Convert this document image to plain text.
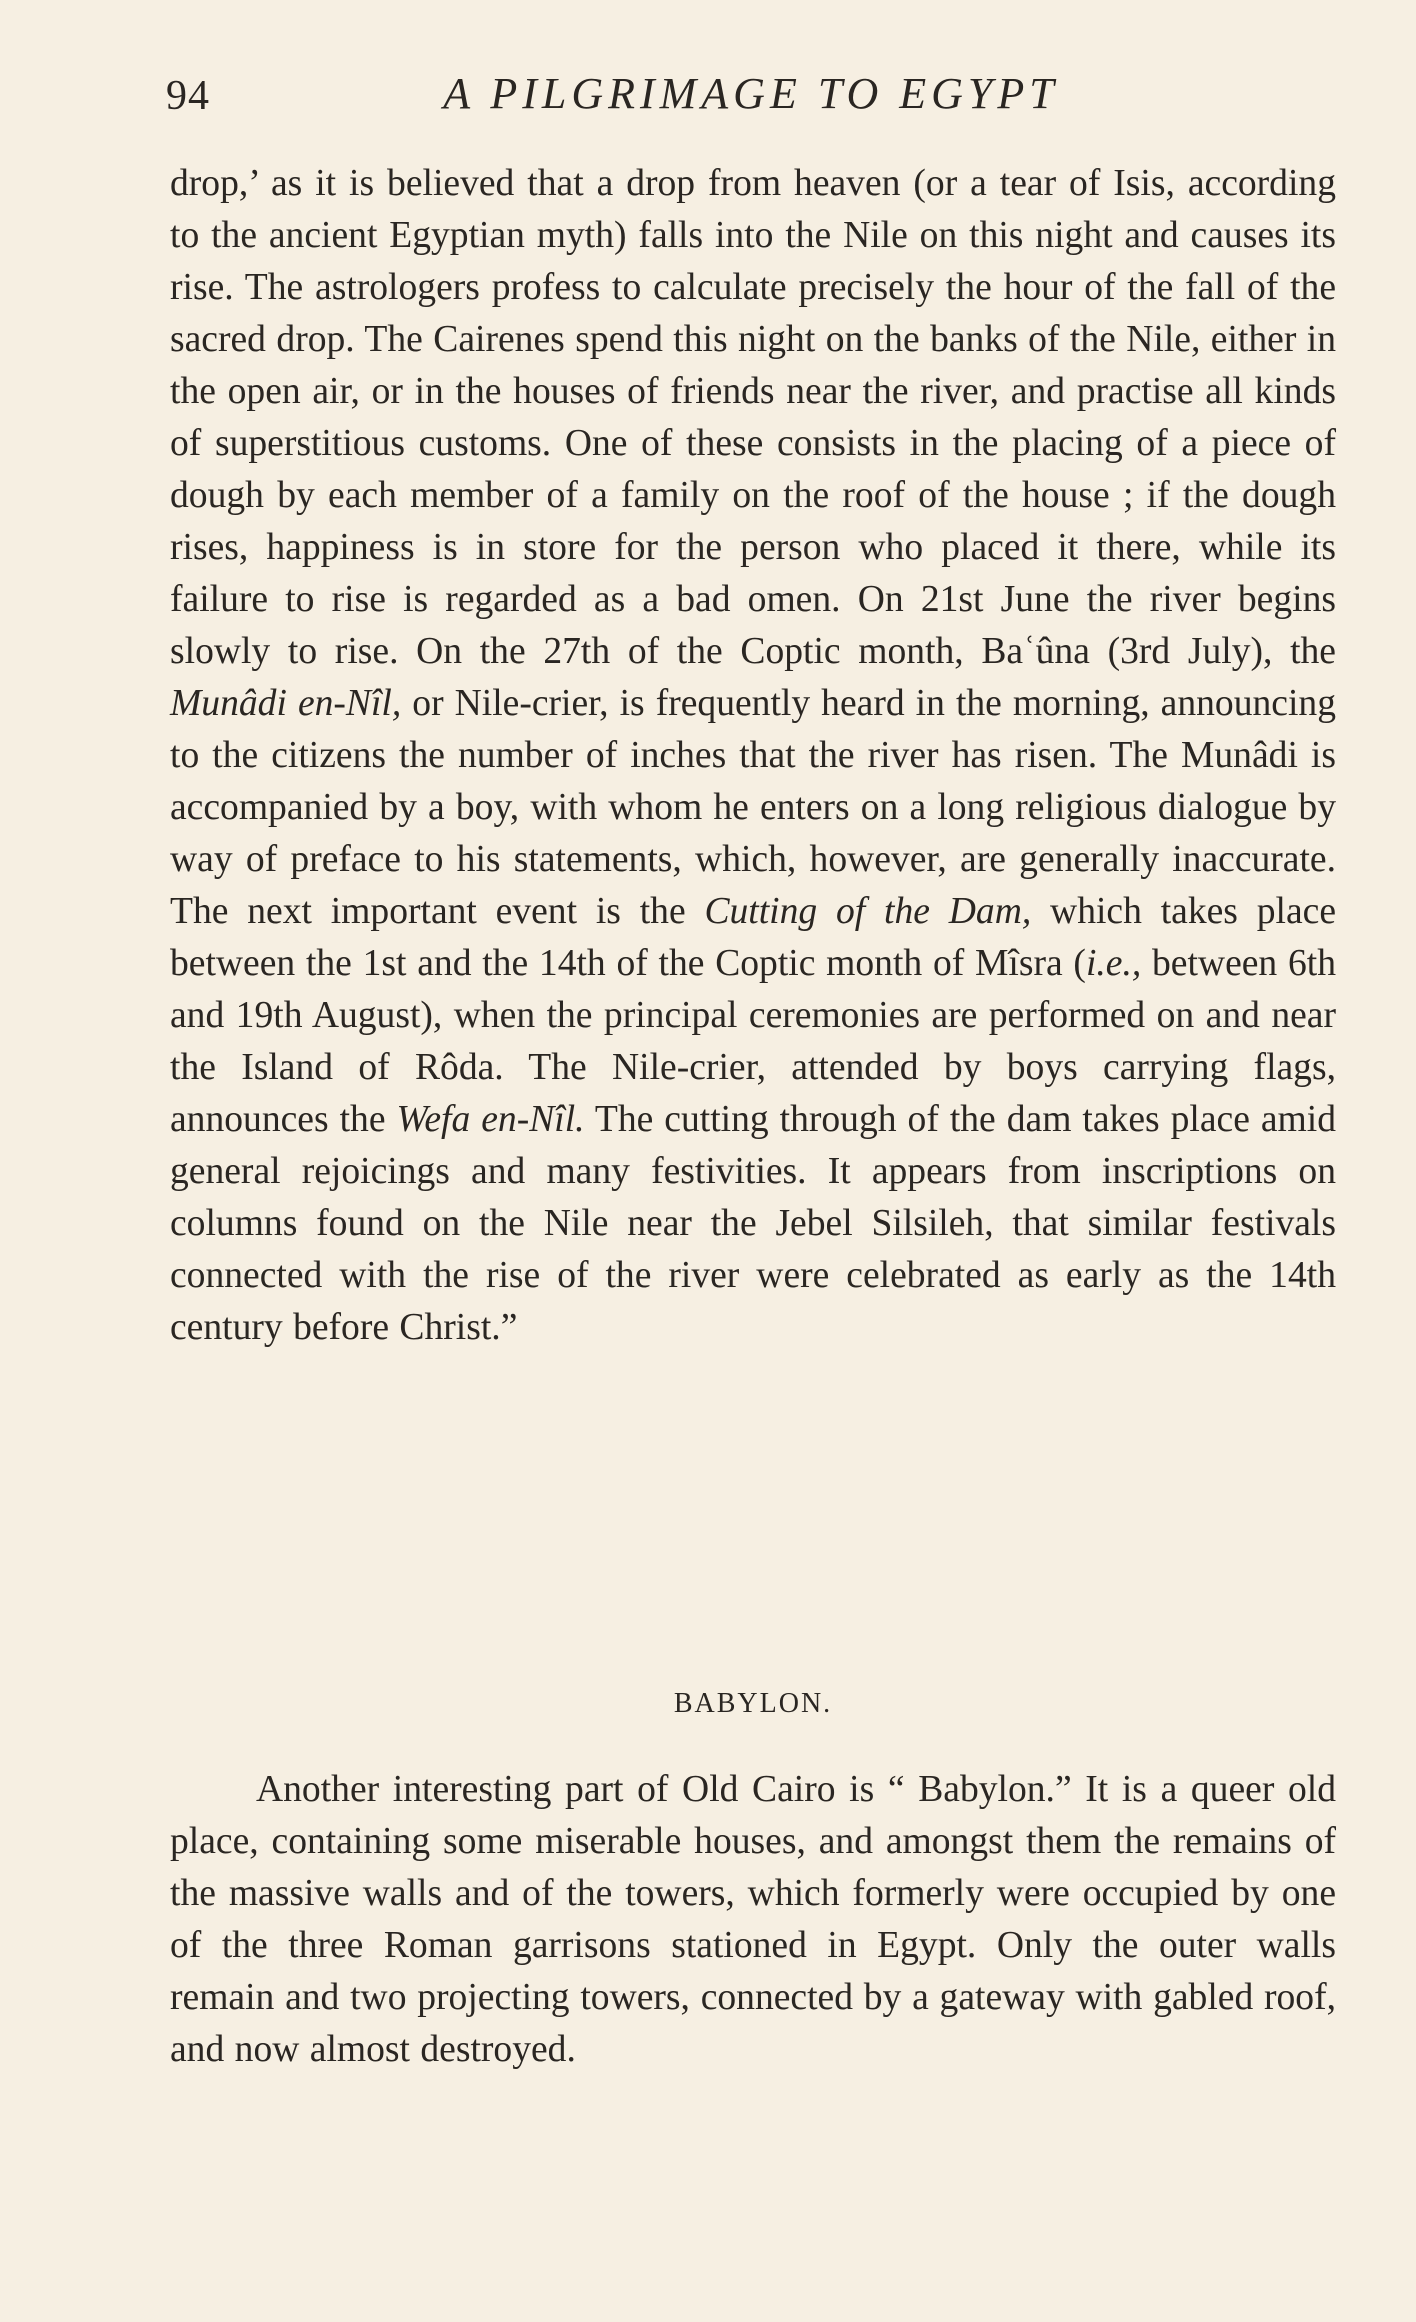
94	A PILGRIMAGE TO EGYPT

drop,’ as it is believed that a drop from heaven (or a tear of Isis, according to the ancient Egyptian myth) falls into the Nile on this night and causes its rise. The astrologers profess to calculate precisely the hour of the fall of the sacred drop. The Cairenes spend this night on the banks of the Nile, either in the open air, or in the houses of friends near the river, and practise all kinds of superstitious customs. One of these consists in the placing of a piece of dough by each member of a family on the roof of the house ; if the dough rises, happiness is in store for the person who placed it there, while its failure to rise is regarded as a bad omen. On 21st June the river begins slowly to rise. On the 27th of the Coptic month, Baʿûna (3rd July), the Munâdi en-Nîl, or Nile-crier, is frequently heard in the morning, announcing to the citizens the number of inches that the river has risen. The Munâdi is accompanied by a boy, with whom he enters on a long religious dialogue by way of preface to his statements, which, however, are generally inaccurate. The next important event is the Cutting of the Dam, which takes place between the 1st and the 14th of the Coptic month of Mîsra (i.e., between 6th and 19th August), when the principal ceremonies are performed on and near the Island of Rôda. The Nile-crier, attended by boys carrying flags, announces the Wefa en-Nîl. The cutting through of the dam takes place amid general rejoicings and many festivities. It appears from inscriptions on columns found on the Nile near the Jebel Silsileh, that similar festivals connected with the rise of the river were celebrated as early as the 14th century before Christ.”

BABYLON.

Another interesting part of Old Cairo is “ Babylon.” It is a queer old place, containing some miserable houses, and amongst them the remains of the massive walls and of the towers, which formerly were occupied by one of the three Roman garrisons stationed in Egypt. Only the outer walls remain and two projecting towers, connected by a gateway with gabled roof, and now almost destroyed.
